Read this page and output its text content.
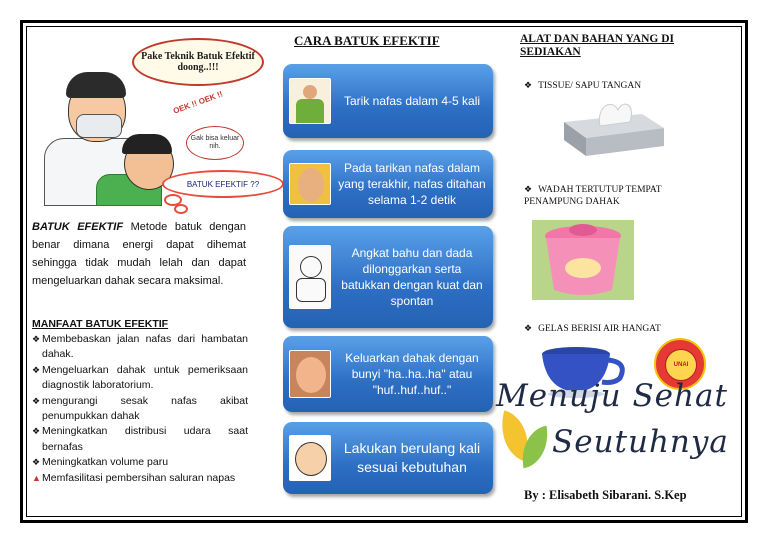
OEK !! OEK !!
Pake Teknik Batuk Efektif doong..!!!
Gak bisa keluar nih.
BATUK EFEKTIF ??
BATUK EFEKTIF Metode batuk dengan benar dimana energi dapat dihemat sehingga tidak mudah lelah dan dapat mengeluarkan dahak secara maksimal.
MANFAAT BATUK EFEKTIF
❖ Membebaskan jalan nafas dari hambatan dahak.
❖ Mengeluarkan dahak untuk pemeriksaan diagnostik laboratorium.
❖ mengurangi sesak nafas akibat penumpukkan dahak
❖ Meningkatkan distribusi udara saat bernafas
❖ Meningkatkan volume paru
▲ Memfasilitasi pembersihan saluran napas
CARA BATUK EFEKTIF
Tarik nafas dalam 4-5 kali
Pada tarikan nafas dalam yang terakhir, nafas ditahan selama 1-2 detik
Angkat bahu dan dada dilonggarkan serta batukkan dengan kuat dan spontan
Keluarkan dahak dengan bunyi "ha..ha..ha" atau "huf..huf..huf.."
Lakukan berulang kali sesuai kebutuhan
ALAT DAN BAHAN YANG DI SEDIAKAN
❖ TISSUE/ SAPU TANGAN
❖ WADAH TERTUTUP TEMPAT PENAMPUNG DAHAK
❖ GELAS BERISI AIR HANGAT
UNAI
Menuju Sehat
Seutuhnya
By : Elisabeth Sibarani. S.Kep
